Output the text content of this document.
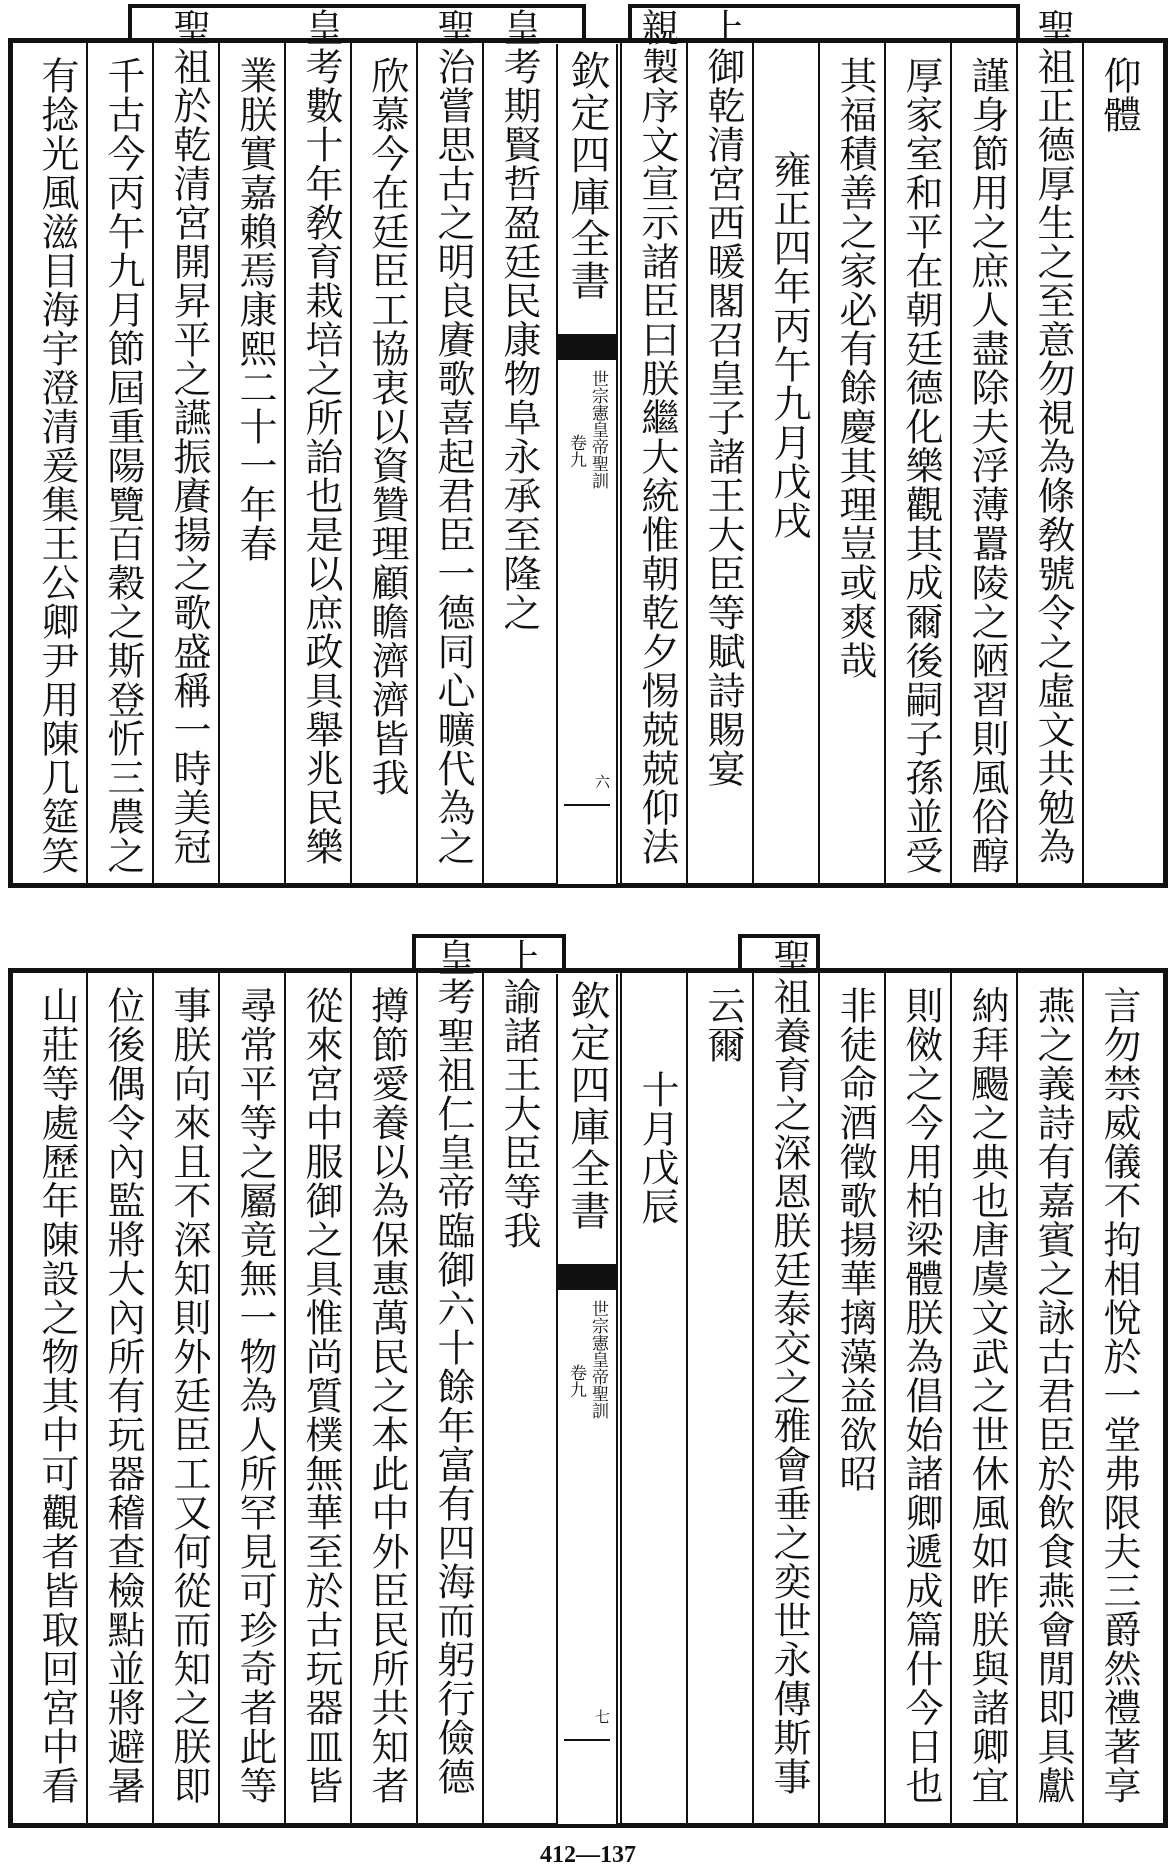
仰體
聖祖正德厚生之至意勿視為條敎號令之虛文共勉為
謹身節用之庶人盡除夫浮薄囂陵之陋習則風俗醇
厚家室和平在朝廷德化樂觀其成爾後嗣子孫並受
其福積善之家必有餘慶其理豈或爽哉
雍正四年丙午九月戊戌
上御乾清宮西暖閣召皇子諸王大臣等賦詩賜宴
親製序文宣示諸臣曰朕繼大統惟朝乾夕惕兢兢仰法
欽定四庫全書
世宗憲皇帝聖訓
卷九
六
皇考期賢哲盈廷民康物阜永承至隆之
聖治嘗思古之明良賡歌喜起君臣一德同心曠代為之
欣慕今在廷臣工協衷以資贊理顧瞻濟濟皆我
皇考數十年敎育栽培之所詒也是以庶政具舉兆民樂
業朕實嘉賴焉康熙二十一年春
聖祖於乾清宮開昇平之讌振賡揚之歌盛稱一時美冠
千古今丙午九月節屆重陽覽百穀之斯登忻三農之
有捻光風滋目海宇澄清爰集王公卿尹用陳几筵笑
言勿禁威儀不拘相悅於一堂弗限夫三爵然禮著享
燕之義詩有嘉賓之詠古君臣於飲食燕會閒即具獻
納拜颺之典也唐虞文武之世休風如昨朕與諸卿宜
則傚之今用柏梁體朕為倡始諸卿遞成篇什今日也
非徒命酒徵歌揚華摛藻益欲昭
聖祖養育之深恩朕廷泰交之雅會垂之奕世永傳斯事
云爾
十月戊辰
欽定四庫全書
世宗憲皇帝聖訓
卷九
七
上諭諸王大臣等我
皇考聖祖仁皇帝臨御六十餘年富有四海而躬行儉德
撙節愛養以為保惠萬民之本此中外臣民所共知者
從來宮中服御之具惟尚質樸無華至於古玩器皿皆
尋常平等之屬竟無一物為人所罕見可珍奇者此等
事朕向來且不深知則外廷臣工又何從而知之朕即
位後偶令內監將大內所有玩器稽查檢點並將避暑
山莊等處歷年陳設之物其中可觀者皆取回宮中看
412—137
